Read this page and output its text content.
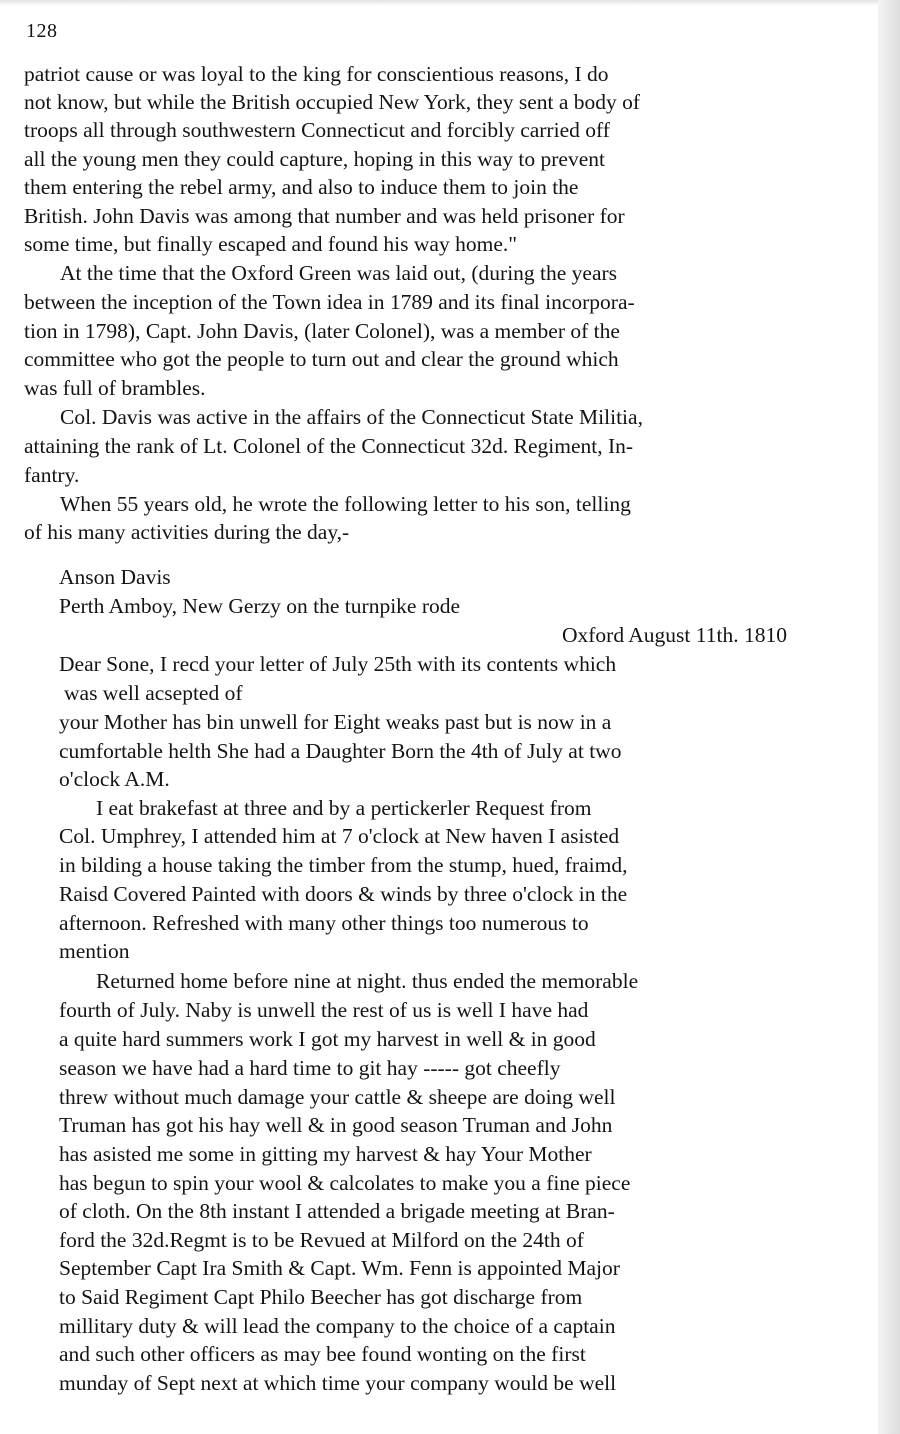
128
patriot cause or was loyal to the king for conscientious reasons, I do
not know, but while the British occupied New York, they sent a body of
troops all through southwestern Connecticut and forcibly carried off
all the young men they could capture, hoping in this way to prevent
them entering the rebel army, and also to induce them to join the
British. John Davis was among that number and was held prisoner for
some time, but finally escaped and found his way home."
At the time that the Oxford Green was laid out, (during the years
between the inception of the Town idea in 1789 and its final incorpora-
tion in 1798), Capt. John Davis, (later Colonel), was a member of the
committee who got the people to turn out and clear the ground which
was full of brambles.
Col. Davis was active in the affairs of the Connecticut State Militia,
attaining the rank of Lt. Colonel of the Connecticut 32d. Regiment, In-
fantry.
When 55 years old, he wrote the following letter to his son, telling
of his many activities during the day,-
Anson Davis
Perth Amboy, New Gerzy on the turnpike rode
Oxford August 11th. 1810
Dear Sone, I recd your letter of July 25th with its contents which
was well acsepted of
your Mother has bin unwell for Eight weaks past but is now in a
cumfortable helth She had a Daughter Born the 4th of July at two
o'clock A.M.
I eat brakefast at three and by a pertickerler Request from
Col. Umphrey, I attended him at 7 o'clock at New haven I asisted
in bilding a house taking the timber from the stump, hued, fraimd,
Raisd Covered Painted with doors & winds by three o'clock in the
afternoon. Refreshed with many other things too numerous to
mention
Returned home before nine at night. thus ended the memorable
fourth of July. Naby is unwell the rest of us is well I have had
a quite hard summers work I got my harvest in well & in good
season we have had a hard time to git hay ----- got cheefly
threw without much damage your cattle & sheepe are doing well
Truman has got his hay well & in good season Truman and John
has asisted me some in gitting my harvest & hay Your Mother
has begun to spin your wool & calcolates to make you a fine piece
of cloth. On the 8th instant I attended a brigade meeting at Bran-
ford the 32d.Regmt is to be Revued at Milford on the 24th of
September Capt Ira Smith & Capt. Wm. Fenn is appointed Major
to Said Regiment Capt Philo Beecher has got discharge from
millitary duty & will lead the company to the choice of a captain
and such other officers as may bee found wonting on the first
munday of Sept next at which time your company would be well
